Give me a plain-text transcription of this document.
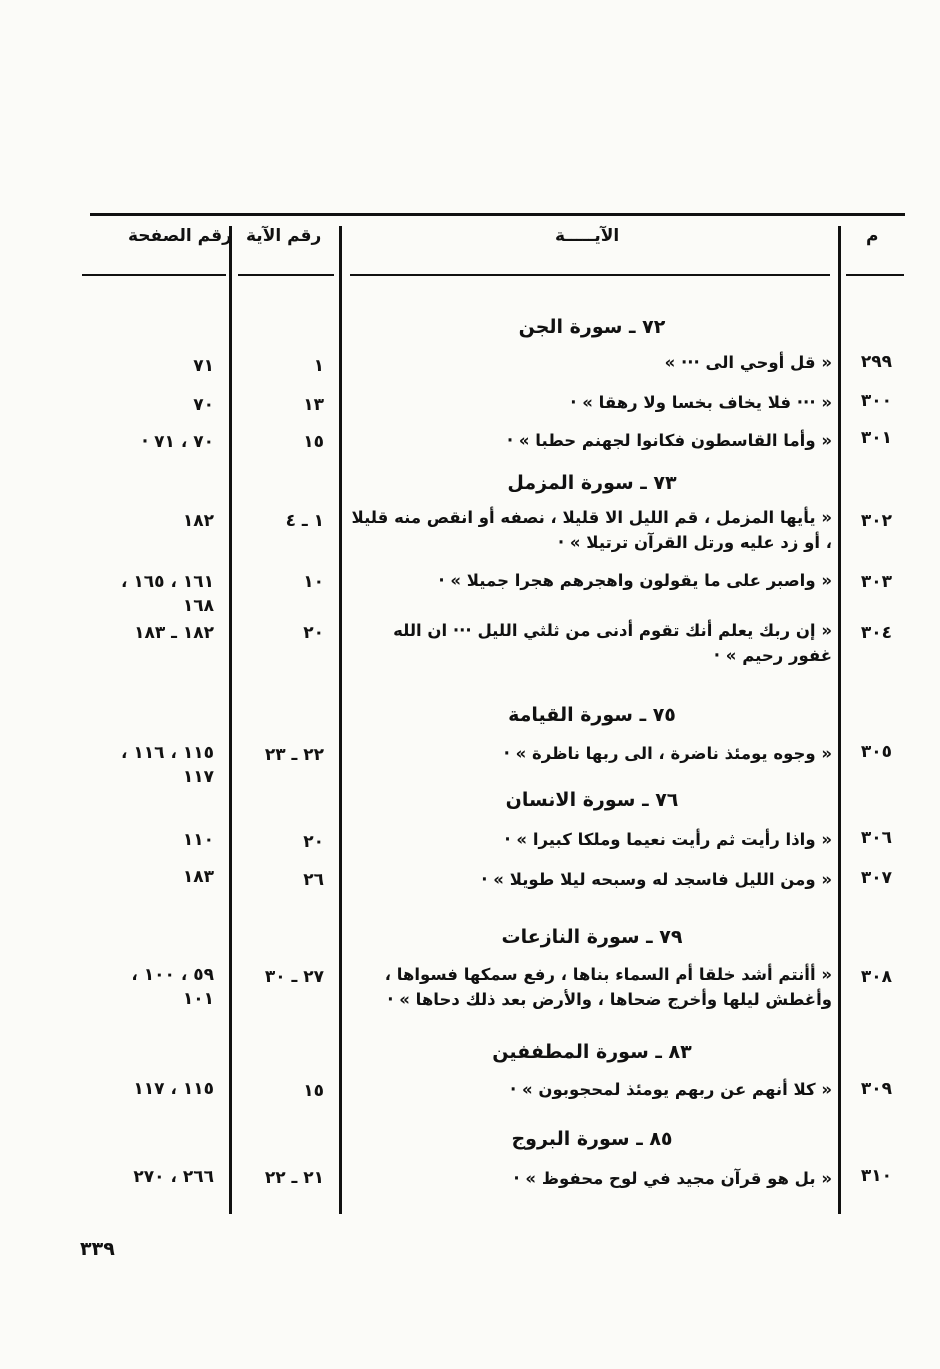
م
الآيـــــة
رقم الآية
رقم الصفحة
٧٢ ـ سورة الجن
٧٣ ـ سورة المزمل
٧٥ ـ سورة القيامة
٧٦ ـ سورة الانسان
٧٩ ـ سورة النازعات
٨٣ ـ سورة المطففين
٨٥ ـ سورة البروج
٢٩٩
« قل أوحي الى ··· »
١
٧١
٣٠٠
« ··· فلا يخاف بخسا ولا رهقا » ·
١٣
٧٠
٣٠١
« وأما القاسطون فكانوا لجهنم حطبا » ·
١٥
٧٠ ، ٧١ ·
٣٠٢
« يأيها المزمل ، قم الليل الا قليلا ، نصفه أو انقص منه قليلا ، أو زد عليه ورتل القرآن ترتيلا » ·
١ ـ ٤
١٨٢
٣٠٣
« واصبر على ما يقولون واهجرهم هجرا جميلا » ·
١٠
١٦١ ، ١٦٥ ، ١٦٨
٣٠٤
« إن ربك يعلم أنك تقوم أدنى من ثلثي الليل ··· ان الله غفور رحيم » ·
٢٠
١٨٢ ـ ١٨٣
٣٠٥
« وجوه يومئذ ناضرة ، الى ربها ناظرة » ·
٢٢ ـ ٢٣
١١٥ ، ١١٦ ، ١١٧
٣٠٦
« واذا رأيت ثم رأيت نعيما وملكا كبيرا » ·
٢٠
١١٠
٣٠٧
« ومن الليل فاسجد له وسبحه ليلا طويلا » ·
٢٦
١٨٣
٣٠٨
« أأنتم أشد خلقا أم السماء بناها ، رفع سمكها فسواها ، وأغطش ليلها وأخرج ضحاها ، والأرض بعد ذلك دحاها » ·
٢٧ ـ ٣٠
٥٩ ، ١٠٠ ، ١٠١
٣٠٩
« كلا أنهم عن ربهم يومئذ لمحجوبون » ·
١٥
١١٥ ، ١١٧
٣١٠
« بل هو قرآن مجيد في لوح محفوظ » ·
٢١ ـ ٢٢
٢٦٦ ، ٢٧٠
٣٣٩
